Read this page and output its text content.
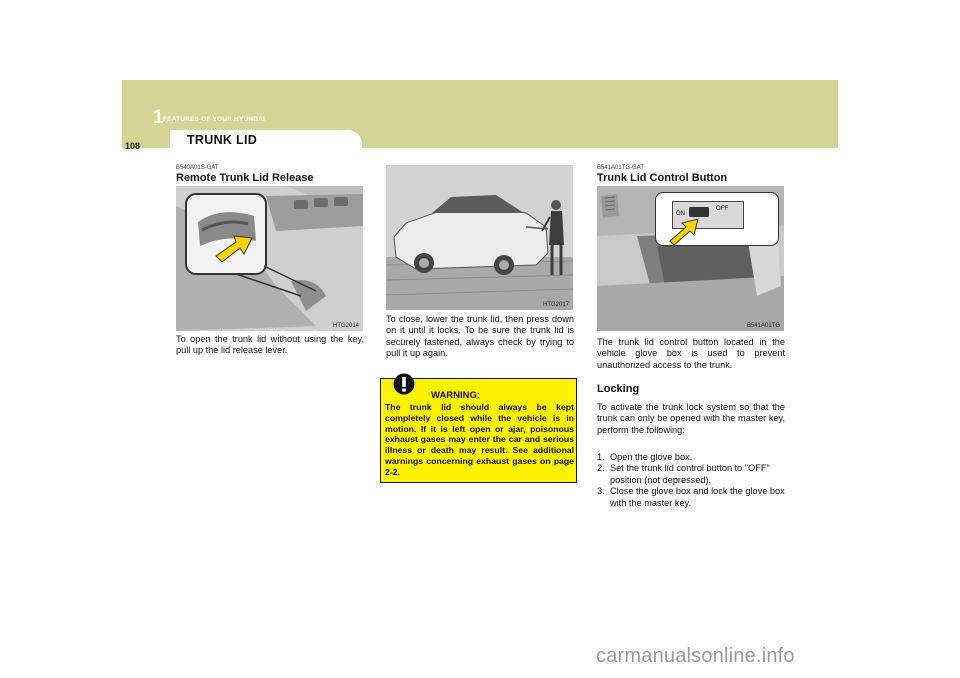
1 FEATURES OF YOUR HYUNDAI
108	TRUNK LID
B540A01S-GAT
Remote Trunk Lid Release
HTG2014
To open the trunk lid without using the key, pull up the lid release lever.
HTG2017
To close, lower the trunk lid, then press down on it until it locks. To be sure the trunk lid is securely fastened, always check by trying to pull it up again.
WARNING:
The trunk lid should always be kept completely closed while the vehicle is in motion. If it is left open or ajar, poisonous exhaust gases may enter the car and serious illness or death may result. See additional warnings concerning exhaust gases on page 2-2.
B541A01TG-GAT
Trunk Lid Control Button
ON
OFF
B541A01TG
The trunk lid control button located in the vehicle glove box is used to prevent unauthorized access to the trunk.
Locking
To activate the trunk lock system so that the trunk can only be opened with the master key, perform the following:
1. Open the glove box.
2. Set the trunk lid control button to "OFF" position (not depressed).
3. Close the glove box and lock the glove box with the master key.
carmanualsonline.info
